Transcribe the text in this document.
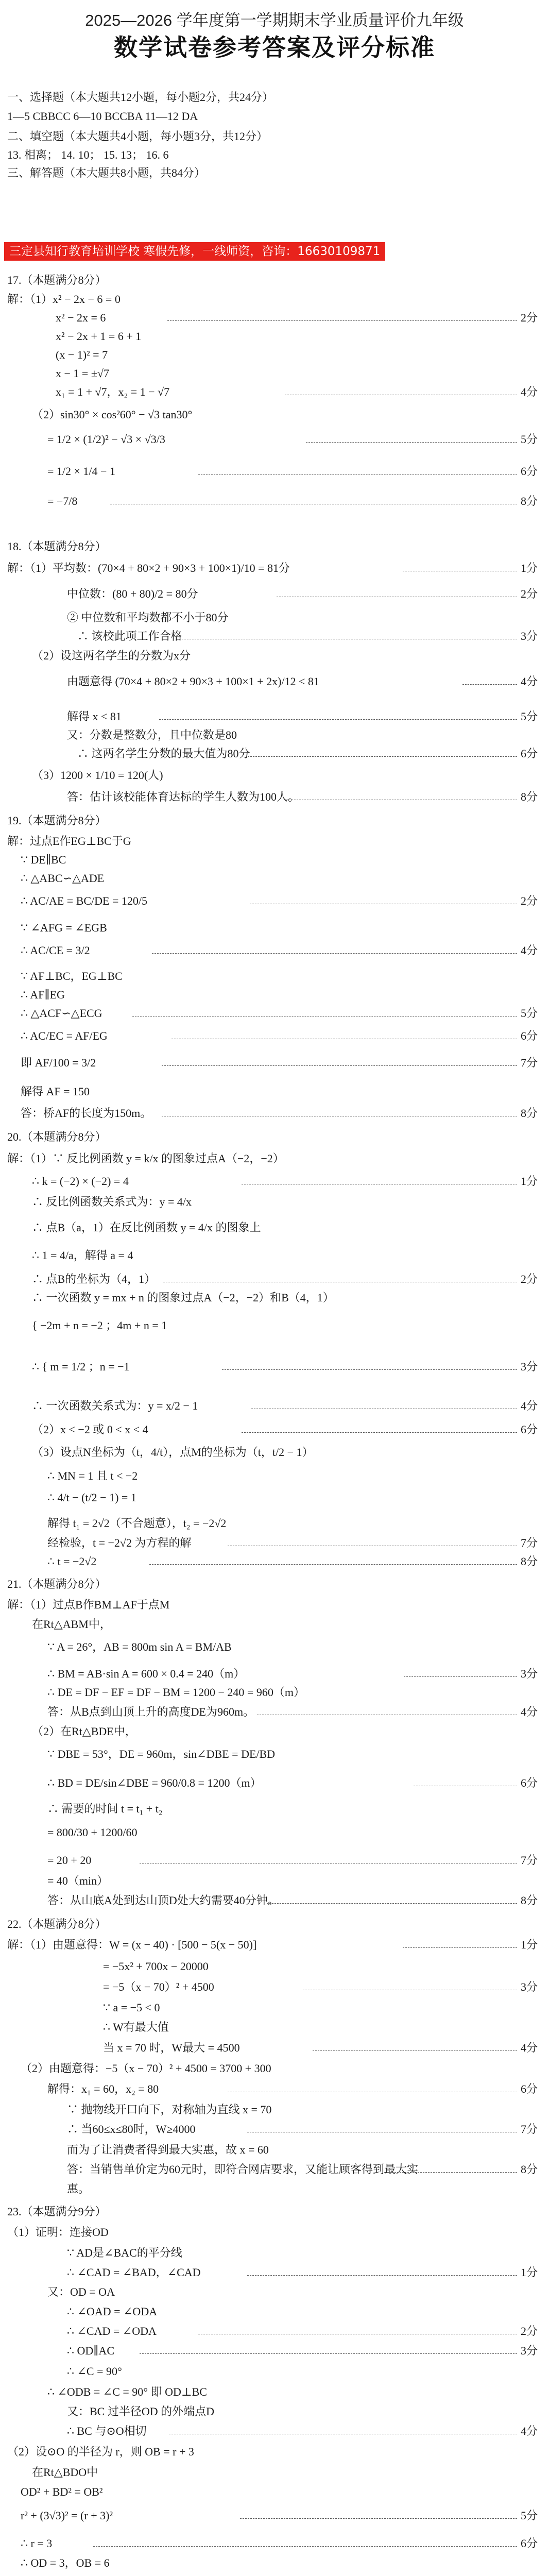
2025—2026 学年度第一学期期末学业质量评价九年级
数学试卷参考答案及评分标准
三定县知行教育培训学校 寒假先修，一线师资，咨询：16630109871
一、选择题（本大题共12小题，每小题2分，共24分）
1—5 CBBCC 6—10 BCCBA 11—12 DA
二、填空题（本大题共4小题，每小题3分，共12分）
13. 相离； 14. 10； 15. 13； 16. 6
三、解答题（本大题共8小题，共84分）
17.（本题满分8分）
解：（1）x² − 2x − 6 = 0
x² − 2x = 6
x² − 2x + 1 = 6 + 1
(x − 1)² = 7
x − 1 = ±√7
x₁ = 1 + √7，x₂ = 1 − √7
（2）sin30° × cos²60° − √3 tan30°
= 1/2 × (1/2)² − √3 × √3/3
= 1/2 × 1/4 − 1
= −7/8
18.（本题满分8分）
解：（1）平均数：(70×4 + 80×2 + 90×3 + 100×1)/10 = 81分
中位数：(80 + 80)/2 = 80分
② 中位数和平均数都不小于80分
∴ 该校此项工作合格
（2）设这两名学生的分数为x分
由题意得 (70×4 + 80×2 + 90×3 + 100×1 + 2x)/12 < 81
解得 x < 81
又：分数是整数分，且中位数是80
∴ 这两名学生分数的最大值为80分
（3）1200 × 1/10 = 120(人)
答：估计该校能体育达标的学生人数为100人。
19.（本题满分8分）
解：过点E作EG⊥BC于G
∵ DE∥BC
∴ △ABC∽△ADE
∴ AC/AE = BC/DE = 120/5
∵ ∠AFG = ∠EGB
∴ AC/CE = 3/2
∵ AF⊥BC，EG⊥BC
∴ AF∥EG
∴ △ACF∽△ECG
∴ AC/EC = AF/EG
即 AF/100 = 3/2
解得 AF = 150
答：桥AF的长度为150m。
20.（本题满分8分）
解：（1）∵ 反比例函数 y = k/x 的图象过点A（−2，−2）
∴ k = (−2) × (−2) = 4
∴ 反比例函数关系式为：y = 4/x
∴ 点B（a，1）在反比例函数 y = 4/x 的图象上
∴ 1 = 4/a，解得 a = 4
∴ 点B的坐标为（4，1）
∴ 一次函数 y = mx + n 的图象过点A（−2，−2）和B（4，1）
{ −2m + n = −2 ；4m + n = 1
∴ { m = 1/2 ；n = −1
∴ 一次函数关系式为：y = x/2 − 1
（2）x < −2 或 0 < x < 4
（3）设点N坐标为（t，4/t），点M的坐标为（t，t/2 − 1）
∴ MN = 1 且 t < −2
∴ 4/t − (t/2 − 1) = 1
解得 t₁ = 2√2（不合题意），t₂ = −2√2
经检验，t = −2√2 为方程的解
∴ t = −2√2
21.（本题满分8分）
解：（1）过点B作BM⊥AF于点M
在Rt△ABM中，
∵ A = 26°，AB = 800m sin A = BM/AB
∴ BM = AB·sin A = 600 × 0.4 = 240（m）
∴ DE = DF − EF = DF − BM = 1200 − 240 = 960（m）
答：从B点到山顶上升的高度DE为960m。
（2）在Rt△BDE中，
∵ DBE = 53°，DE = 960m，sin∠DBE = DE/BD
∴ BD = DE/sin∠DBE = 960/0.8 = 1200（m）
∴ 需要的时间 t = t₁ + t₂
= 800/30 + 1200/60
= 20 + 20
= 40（min）
答：从山底A处到达山顶D处大约需要40分钟。
22.（本题满分8分）
解：（1）由题意得：W = (x − 40) · [500 − 5(x − 50)]
= −5x² + 700x − 20000
= −5（x − 70）² + 4500
∵ a = −5 < 0
∴ W有最大值
当 x = 70 时，W最大 = 4500
（2）由题意得：−5（x − 70）² + 4500 = 3700 + 300
解得：x₁ = 60，x₂ = 80
∵ 抛物线开口向下，对称轴为直线 x = 70
∴ 当60≤x≤80时，W≥4000
而为了让消费者得到最大实惠，故 x = 60
答：当销售单价定为60元时，即符合网店要求，又能让顾客得到最大实
惠。
23.（本题满分9分）
（1）证明：连接OD
∵ AD是∠BAC的平分线
∴ ∠CAD = ∠BAD，∠CAD
又：OD = OA
∴ ∠OAD = ∠ODA
∴ ∠CAD = ∠ODA
∴ OD∥AC
∴ ∠C = 90°
∴ ∠ODB = ∠C = 90° 即 OD⊥BC
又：BC 过半径OD 的外端点D
∴ BC 与⊙O相切
（2）设⊙O 的半径为 r，则 OB = r + 3
在Rt△BDO中
OD² + BD² = OB²
r² + (3√3)² = (r + 3)²
∴ r = 3
∴ OD = 3，OB = 6
2分
4分
5分
6分
8分
1分
2分
3分
4分
5分
6分
8分
2分
4分
5分
6分
7分
8分
1分
2分
3分
4分
6分
7分
8分
3分
4分
6分
7分
8分
1分
3分
4分
6分
7分
8分
1分
2分
3分
4分
5分
6分
